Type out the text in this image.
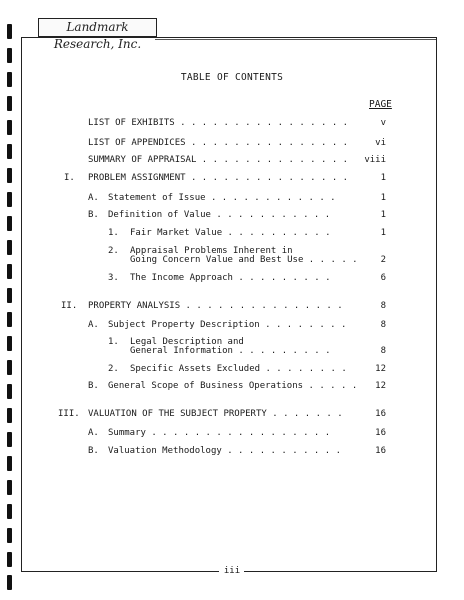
Landmark Research, Inc.
TABLE OF CONTENTS
PAGE
LIST OF EXHIBITS . . . . . . . . . . . . . . . .	v
LIST OF APPENDICES . . . . . . . . . . . . . . .	vi
SUMMARY OF APPRAISAL . . . . . . . . . . . . . .	viii
I. PROBLEM ASSIGNMENT . . . . . . . . . . . . . . .	1
A. Statement of Issue . . . . . . . . . . . .	1
B. Definition of Value . . . . . . . . . . .	1
1. Fair Market Value . . . . . . . . . .	1
2. Appraisal Problems Inherent in
Going Concern Value and Best Use . . . . .	2
3. The Income Approach . . . . . . . . .	6
II. PROPERTY ANALYSIS . . . . . . . . . . . . . . .	8
A. Subject Property Description . . . . . . . .	8
1. Legal Description and
General Information . . . . . . . . .	8
2. Specific Assets Excluded . . . . . . . .	12
B. General Scope of Business Operations . . . . .	12
III. VALUATION OF THE SUBJECT PROPERTY . . . . . . .	16
A. Summary . . . . . . . . . . . . . . . . .	16
B. Valuation Methodology . . . . . . . . . . .	16
iii
